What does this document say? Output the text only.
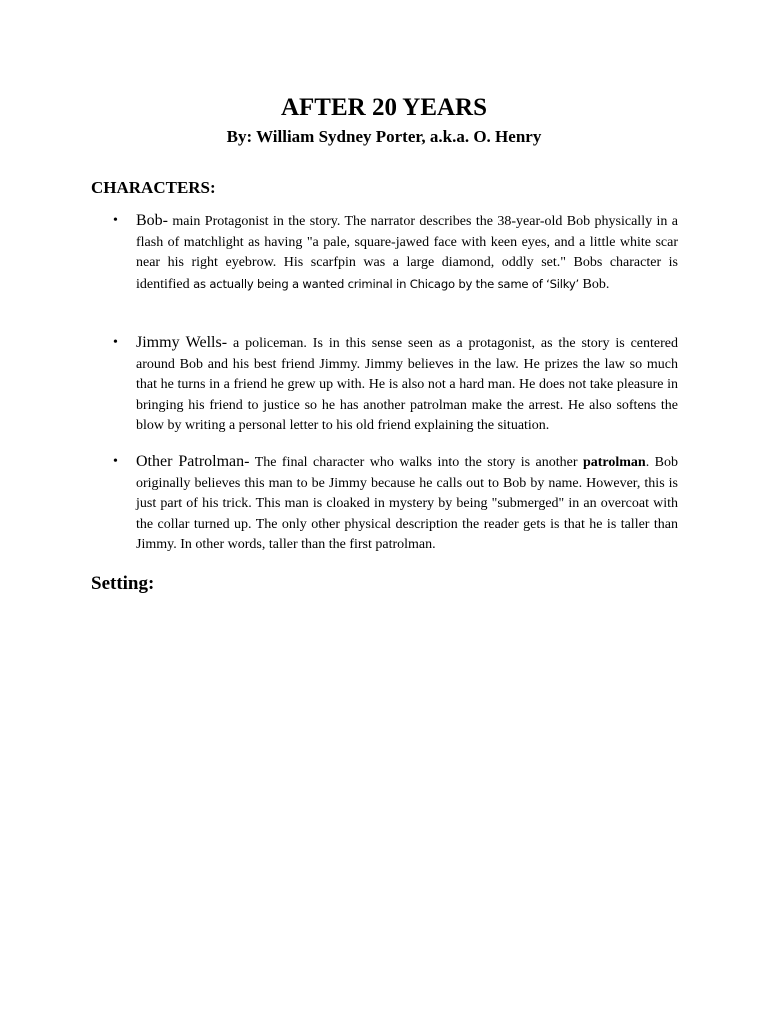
AFTER 20 YEARS

By: William Sydney Porter, a.k.a. O. Henry

CHARACTERS:
• Bob- main Protagonist in the story. The narrator describes the 38-year-old Bob physically in a flash of matchlight as having "a pale, square-jawed face with keen eyes, and a little white scar near his right eyebrow. His scarfpin was a large diamond, oddly set." Bobs character is identified as actually being a wanted criminal in Chicago by the same of ‘Silky’ Bob.
• Jimmy Wells- a policeman. Is in this sense seen as a protagonist, as the story is centered around Bob and his best friend Jimmy. Jimmy believes in the law. He prizes the law so much that he turns in a friend he grew up with. He is also not a hard man. He does not take pleasure in bringing his friend to justice so he has another patrolman make the arrest. He also softens the blow by writing a personal letter to his old friend explaining the situation.
• Other Patrolman- The final character who walks into the story is another patrolman. Bob originally believes this man to be Jimmy because he calls out to Bob by name. However, this is just part of his trick. This man is cloaked in mystery by being "submerged" in an overcoat with the collar turned up. The only other physical description the reader gets is that he is taller than Jimmy. In other words, taller than the first patrolman.
Setting:
